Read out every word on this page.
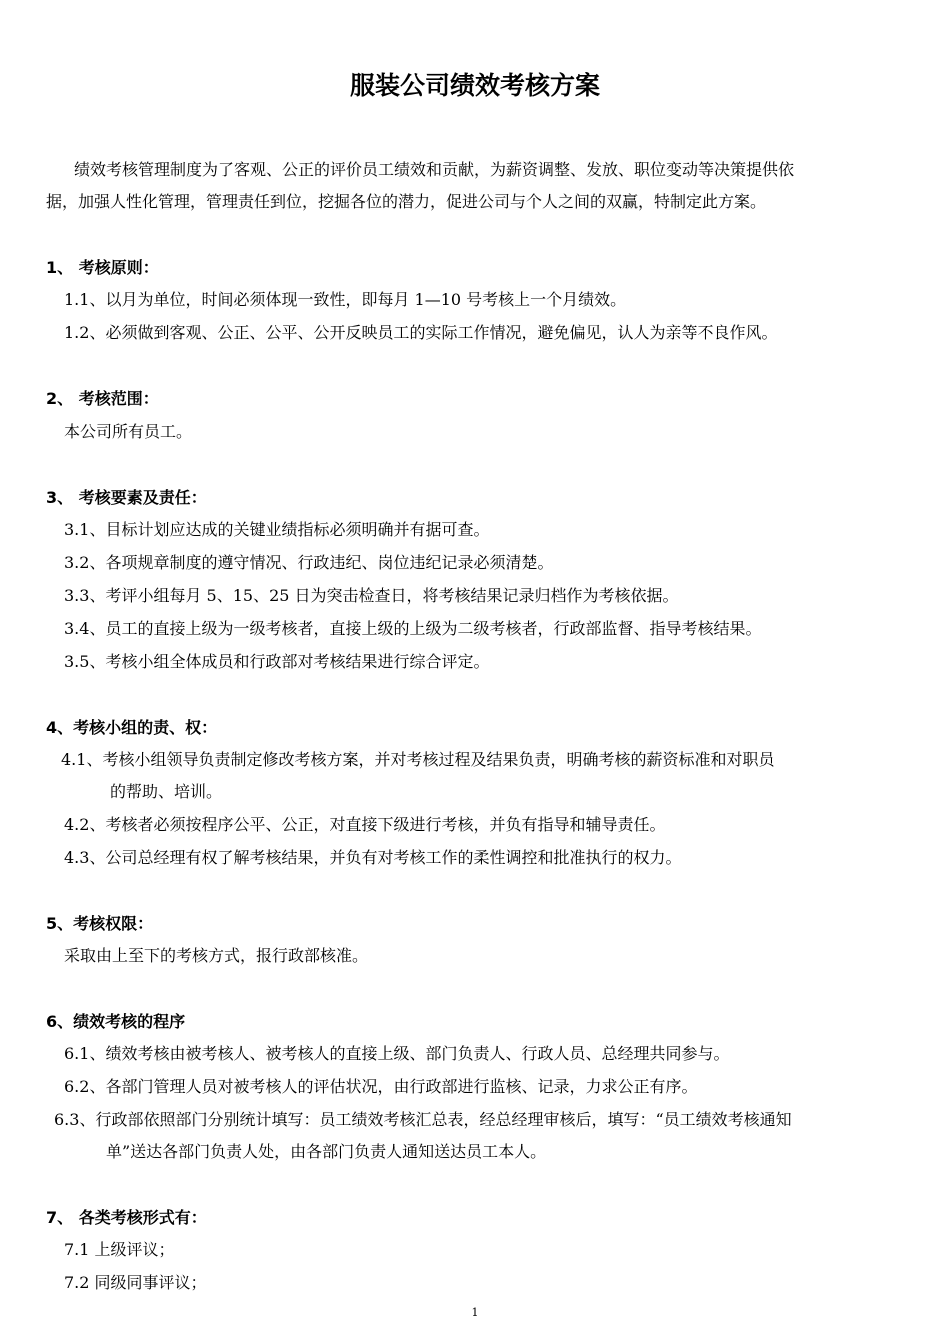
服装公司绩效考核方案
绩效考核管理制度为了客观、公正的评价员工绩效和贡献，为薪资调整、发放、职位变动等决策提供依
据，加强人性化管理，管理责任到位，挖掘各位的潜力，促进公司与个人之间的双赢，特制定此方案。
1、 考核原则：
1.1、以月为单位，时间必须体现一致性，即每月 1—10 号考核上一个月绩效。
1.2、必须做到客观、公正、公平、公开反映员工的实际工作情况，避免偏见，认人为亲等不良作风。
2、 考核范围：
本公司所有员工。
3、 考核要素及责任：
3.1、目标计划应达成的关键业绩指标必须明确并有据可查。
3.2、各项规章制度的遵守情况、行政违纪、岗位违纪记录必须清楚。
3.3、考评小组每月 5、15、25 日为突击检查日，将考核结果记录归档作为考核依据。
3.4、员工的直接上级为一级考核者，直接上级的上级为二级考核者，行政部监督、指导考核结果。
3.5、考核小组全体成员和行政部对考核结果进行综合评定。
4、考核小组的责、权：
4.1、考核小组领导负责制定修改考核方案，并对考核过程及结果负责，明确考核的薪资标准和对职员
的帮助、培训。
4.2、考核者必须按程序公平、公正，对直接下级进行考核，并负有指导和辅导责任。
4.3、公司总经理有权了解考核结果，并负有对考核工作的柔性调控和批准执行的权力。
5、考核权限：
采取由上至下的考核方式，报行政部核准。
6、绩效考核的程序
6.1、绩效考核由被考核人、被考核人的直接上级、部门负责人、行政人员、总经理共同参与。
6.2、各部门管理人员对被考核人的评估状况，由行政部进行监核、记录，力求公正有序。
6.3、行政部依照部门分别统计填写：员工绩效考核汇总表，经总经理审核后，填写：“员工绩效考核通知
单”送达各部门负责人处，由各部门负责人通知送达员工本人。
7、 各类考核形式有：
7.1 上级评议；
7.2 同级同事评议；
1
